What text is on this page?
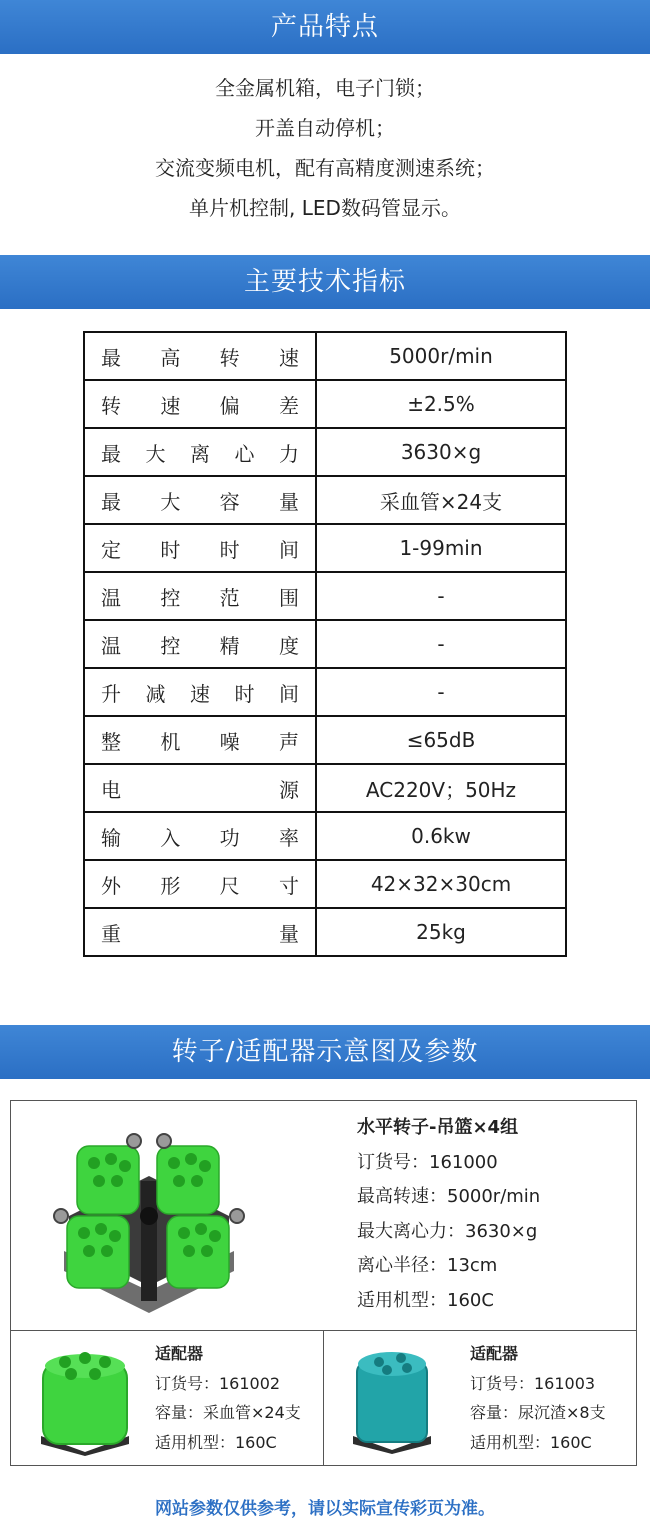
产品特点
全金属机箱，电子门锁；
开盖自动停机；
交流变频电机，配有高精度测速系统；
单片机控制, LED数码管显示。
主要技术指标
最 高 转 速	5000r/min

转 速 偏 差	±2.5%

最 大 离 心 力	3630×g

最 大 容 量	采血管×24支

定 时 时 间	1-99min

温 控 范 围	-

温 控 精 度	-

升 减 速 时 间	-

整 机 噪 声	≤65dB

电 源	AC220V；50Hz

输 入 功 率	0.6kw

外 形 尺 寸	42×32×30cm

重 量	25kg
转子/适配器示意图及参数
水平转子-吊篮×4组
订货号：161000
最高转速：5000r/min
最大离心力：3630×g
离心半径：13cm
适用机型：160C
适配器
订货号：161002
容量：采血管×24支
适用机型：160C
适配器
订货号：161003
容量：尿沉渣×8支
适用机型：160C
网站参数仅供参考，请以实际宣传彩页为准。
